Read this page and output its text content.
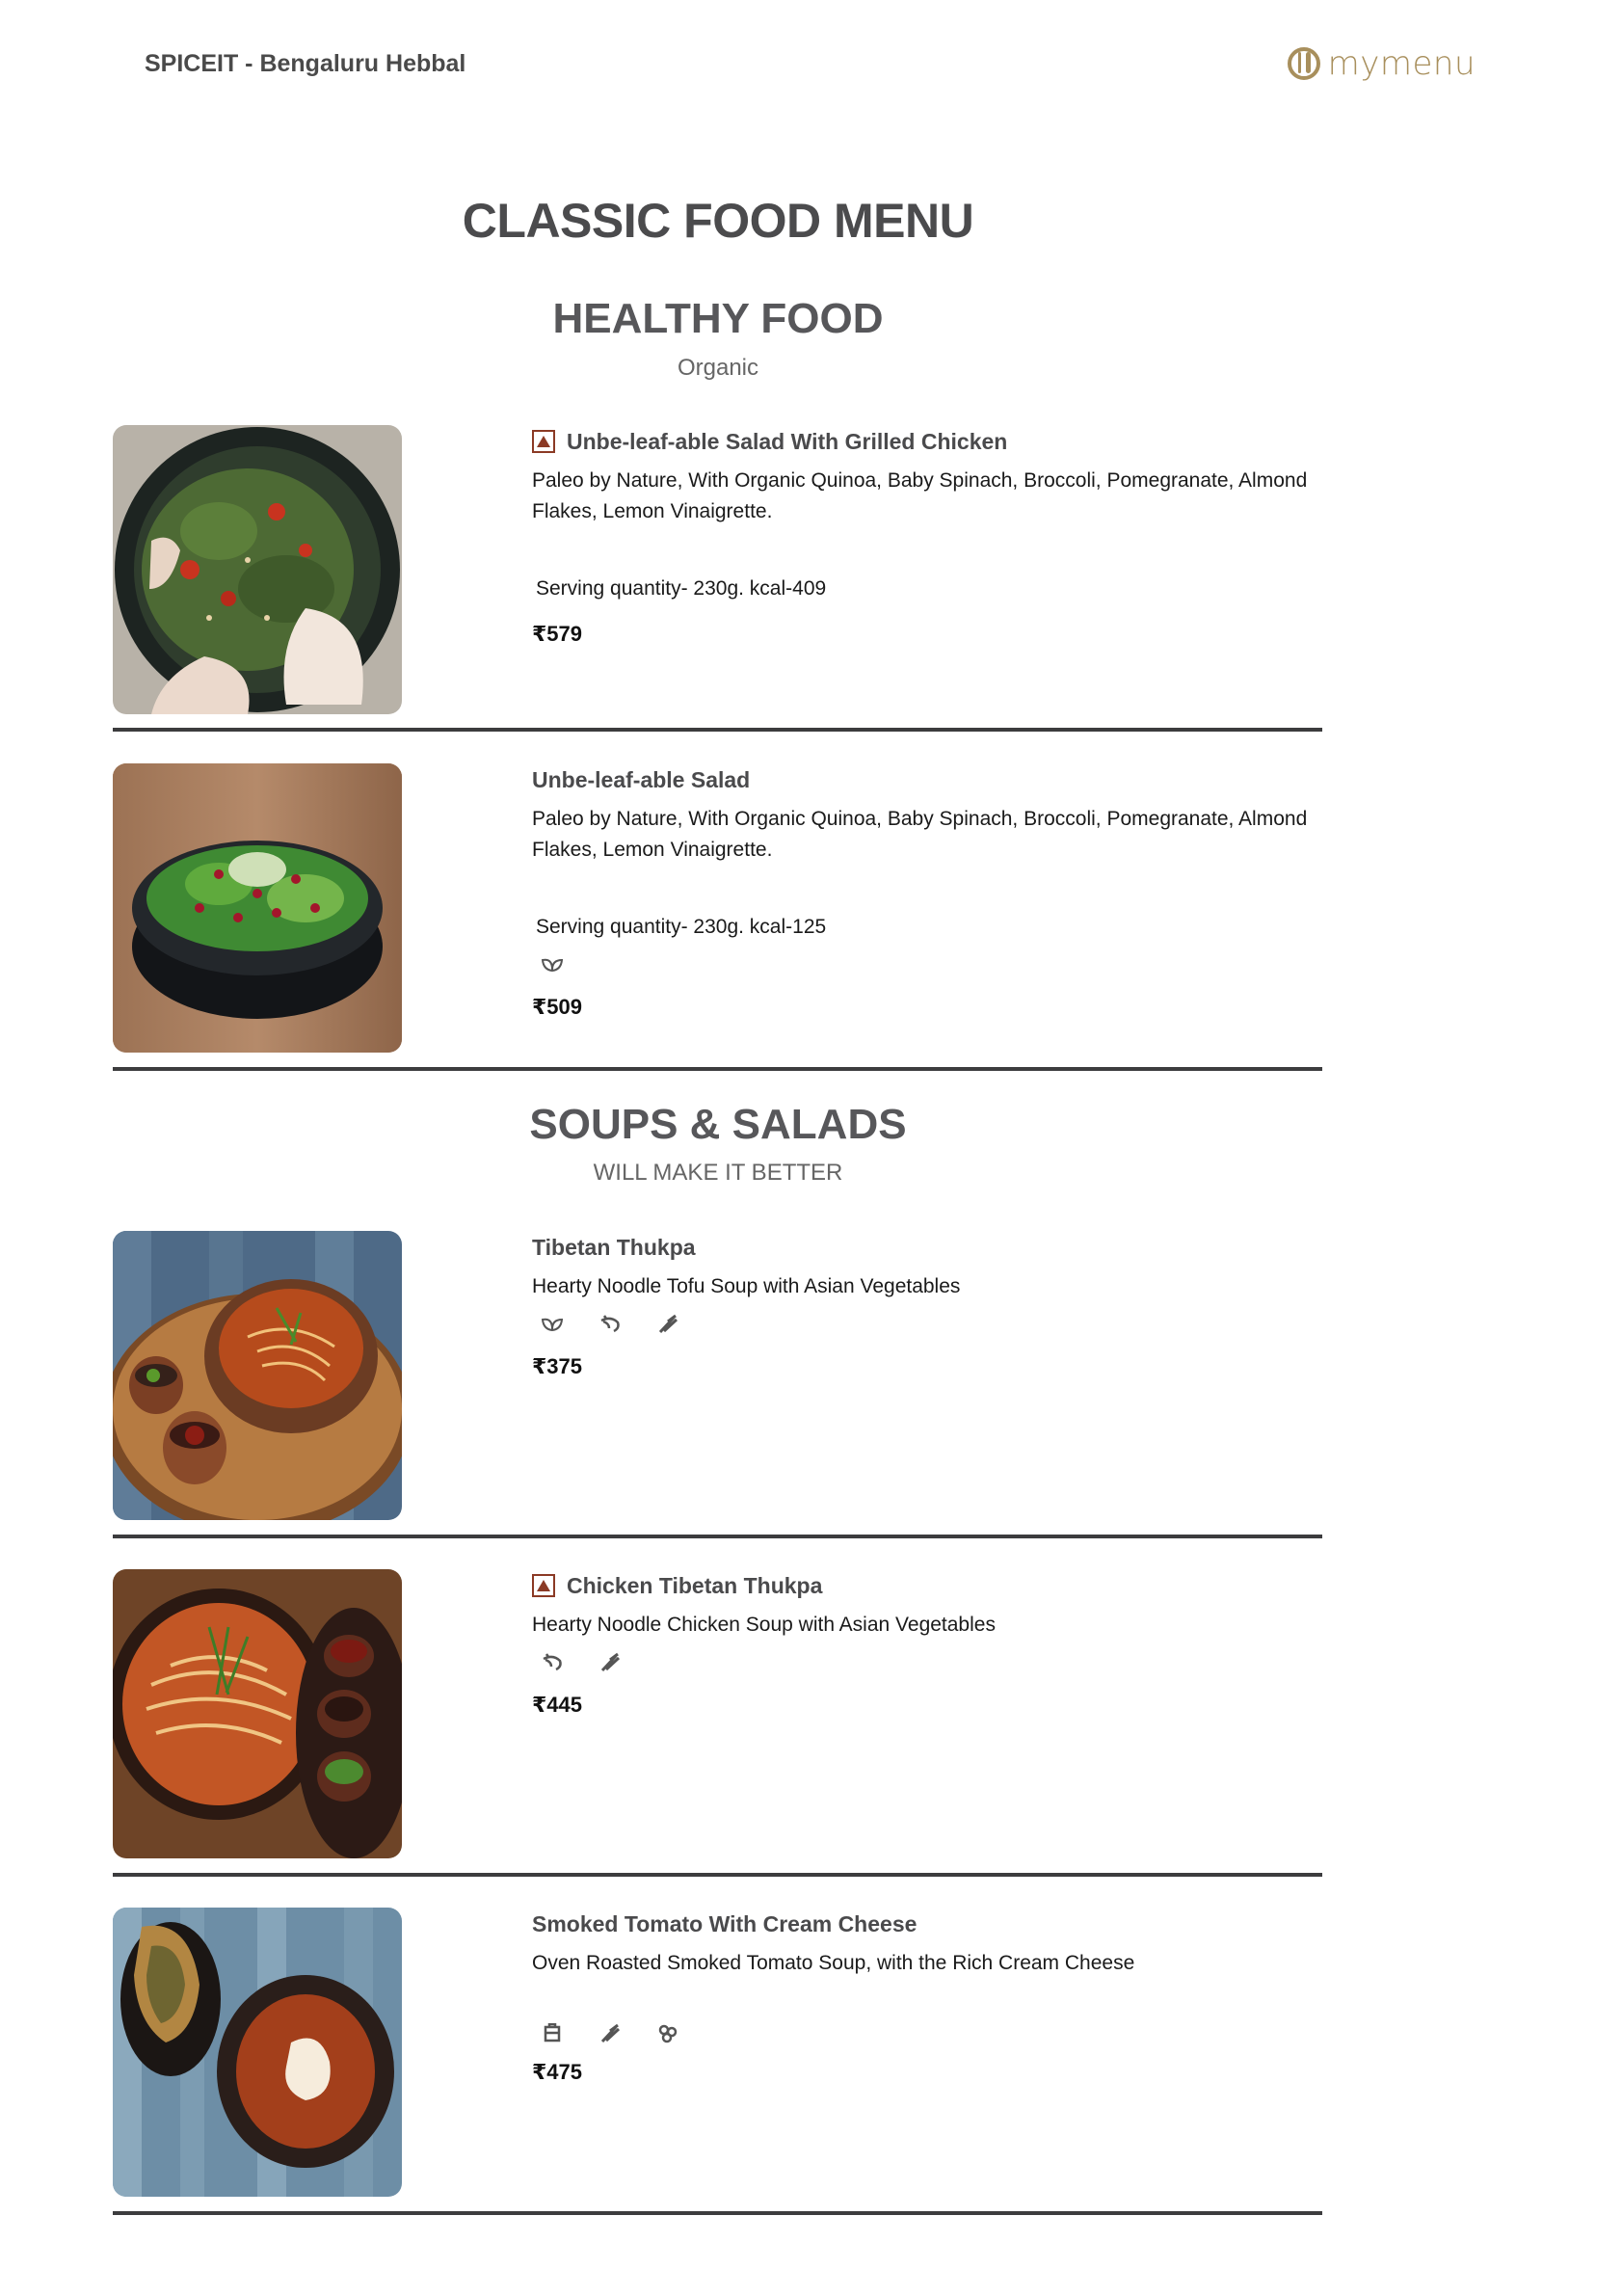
SPICEIT - Bengaluru Hebbal	mymenu
CLASSIC FOOD MENU
HEALTHY FOOD
Organic
Unbe-leaf-able Salad With Grilled Chicken
Paleo by Nature, With Organic Quinoa, Baby Spinach, Broccoli, Pomegranate, Almond Flakes, Lemon Vinaigrette.
Serving quantity- 230g. kcal-409
₹579
Unbe-leaf-able Salad
Paleo by Nature, With Organic Quinoa, Baby Spinach, Broccoli, Pomegranate, Almond Flakes, Lemon Vinaigrette.
Serving quantity- 230g. kcal-125
₹509
SOUPS & SALADS
WILL MAKE IT BETTER
Tibetan Thukpa
Hearty Noodle Tofu Soup with Asian Vegetables
₹375
Chicken Tibetan Thukpa
Hearty Noodle Chicken Soup with Asian Vegetables
₹445
Smoked Tomato With Cream Cheese
Oven Roasted Smoked Tomato Soup, with the Rich Cream Cheese
₹475
